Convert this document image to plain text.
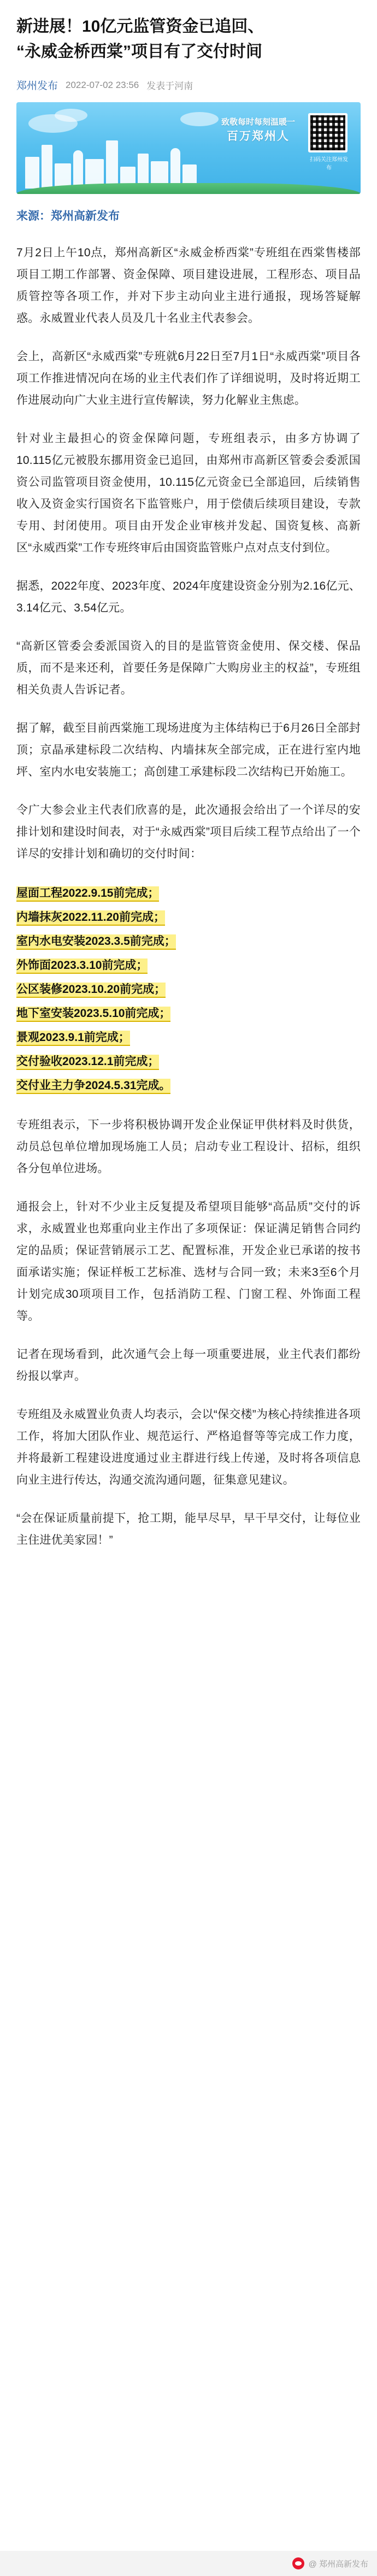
新进展！10亿元监管资金已追回、
“永威金桥西棠”项目有了交付时间
郑州发布 2022-07-02 23:56 发表于河南
致敬每时每刻温暖一
百万郑州人
扫码关注郑州发布
来源：郑州高新发布

7月2日上午10点，郑州高新区“永威金桥西棠”专班组在西棠售楼部项目工期工作部署、资金保障、项目建设进展，工程形态、项目品质管控等各项工作，并对下步主动向业主进行通报，现场答疑解惑。永威置业代表人员及几十名业主代表参会。

会上，高新区“永威西棠”专班就6月22日至7月1日“永威西棠”项目各项工作推进情况向在场的业主代表们作了详细说明，及时将近期工作进展动向广大业主进行宣传解读，努力化解业主焦虑。

针对业主最担心的资金保障问题，专班组表示，由多方协调了10.115亿元被股东挪用资金已追回，由郑州市高新区管委会委派国资公司监管项目资金使用，10.115亿元资金已全部追回，后续销售收入及资金实行国资名下监管账户，用于偿债后续项目建设，专款专用、封闭使用。项目由开发企业审核并发起、国资复核、高新区“永威西棠”工作专班终审后由国资监管账户点对点支付到位。

据悉，2022年度、2023年度、2024年度建设资金分别为2.16亿元、3.14亿元、3.54亿元。

“高新区管委会委派国资入的目的是监管资金使用、保交楼、保品质，而不是来还利，首要任务是保障广大购房业主的权益”，专班组相关负责人告诉记者。

据了解，截至目前西棠施工现场进度为主体结构已于6月26日全部封顶；京晶承建标段二次结构、内墙抹灰全部完成，正在进行室内地坪、室内水电安装施工；高创建工承建标段二次结构已开始施工。

令广大参会业主代表们欣喜的是，此次通报会给出了一个详尽的安排计划和建设时间表，对于“永威西棠”项目后续工程节点给出了一个详尽的安排计划和确切的交付时间：

屋面工程2022.9.15前完成；
内墙抹灰2022.11.20前完成；
室内水电安装2023.3.5前完成；
外饰面2023.3.10前完成；
公区装修2023.10.20前完成；
地下室安装2023.5.10前完成；
景观2023.9.1前完成；
交付验收2023.12.1前完成；
交付业主力争2024.5.31完成。

专班组表示，下一步将积极协调开发企业保证甲供材料及时供货，动员总包单位增加现场施工人员；启动专业工程设计、招标，组织各分包单位进场。

通报会上，针对不少业主反复提及希望项目能够“高品质”交付的诉求，永威置业也郑重向业主作出了多项保证：保证满足销售合同约定的品质；保证营销展示工艺、配置标准，开发企业已承诺的按书面承诺实施；保证样板工艺标准、选材与合同一致；未来3至6个月计划完成30项项目工作，包括消防工程、门窗工程、外饰面工程等。

记者在现场看到，此次通气会上每一项重要进展，业主代表们都纷纷报以掌声。

专班组及永威置业负责人均表示，会以“保交楼”为核心持续推进各项工作，将加大团队作业、规范运行、严格追督等等完成工作力度，并将最新工程建设进度通过业主群进行线上传递，及时将各项信息向业主进行传达，沟通交流沟通问题，征集意见建议。

“会在保证质量前提下，抢工期，能早尽早，早干早交付，让每位业主住进优美家园！”

@ 郑州高新发布
